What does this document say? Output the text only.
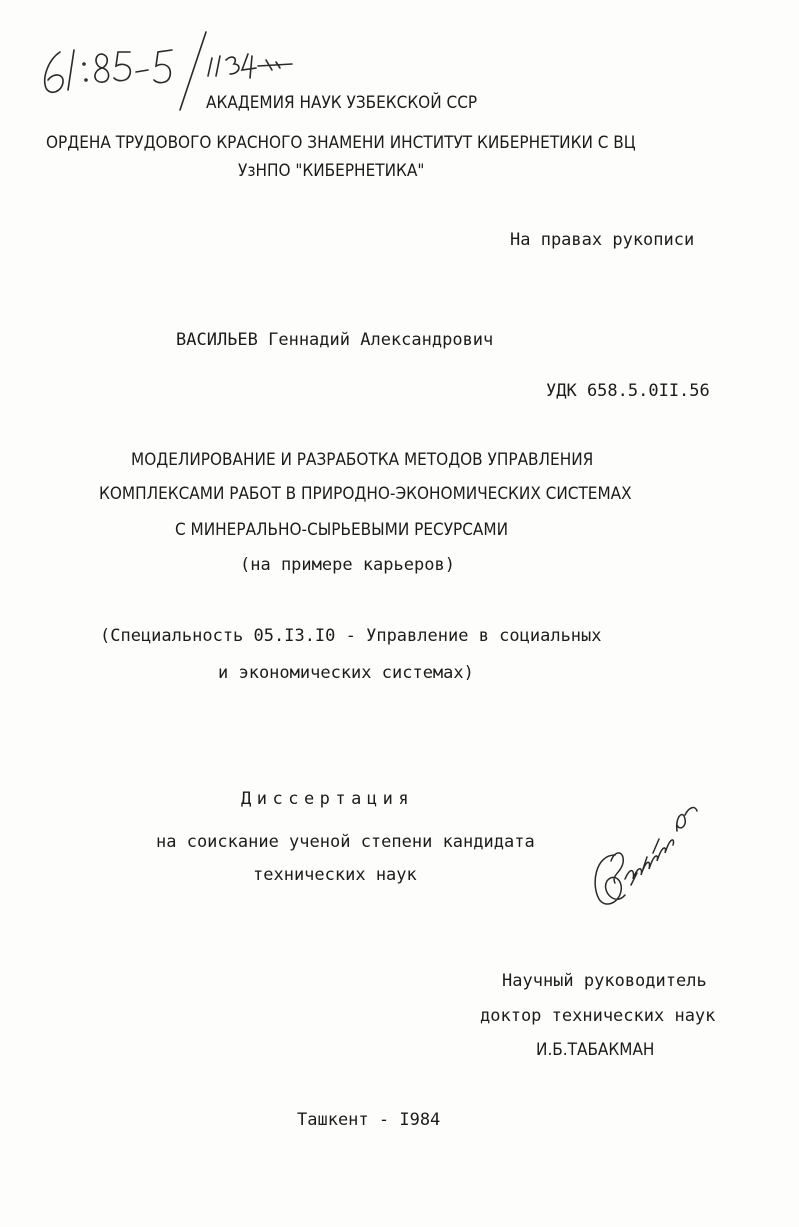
АКАДЕМИЯ НАУК УЗБЕКСКОЙ ССР
ОРДЕНА ТРУДОВОГО КРАСНОГО ЗНАМЕНИ ИНСТИТУТ КИБЕРНЕТИКИ С ВЦ
УзНПО "КИБЕРНЕТИКА"
На правах рукописи
ВАСИЛЬЕВ Геннадий Александрович
УДК 658.5.0II.56
МОДЕЛИРОВАНИЕ И РАЗРАБОТКА МЕТОДОВ УПРАВЛЕНИЯ
КОМПЛЕКСАМИ РАБОТ В ПРИРОДНО-ЭКОНОМИЧЕСКИХ СИСТЕМАХ
С МИНЕРАЛЬНО-СЫРЬЕВЫМИ РЕСУРСАМИ
(на примере карьеров)
(Специальность 05.I3.I0 - Управление в социальных
и экономических системах)
Диссертация
на соискание ученой степени кандидата
технических наук
Научный руководитель
доктор технических наук
И.Б.ТАБАКМАН
Ташкент - I984
